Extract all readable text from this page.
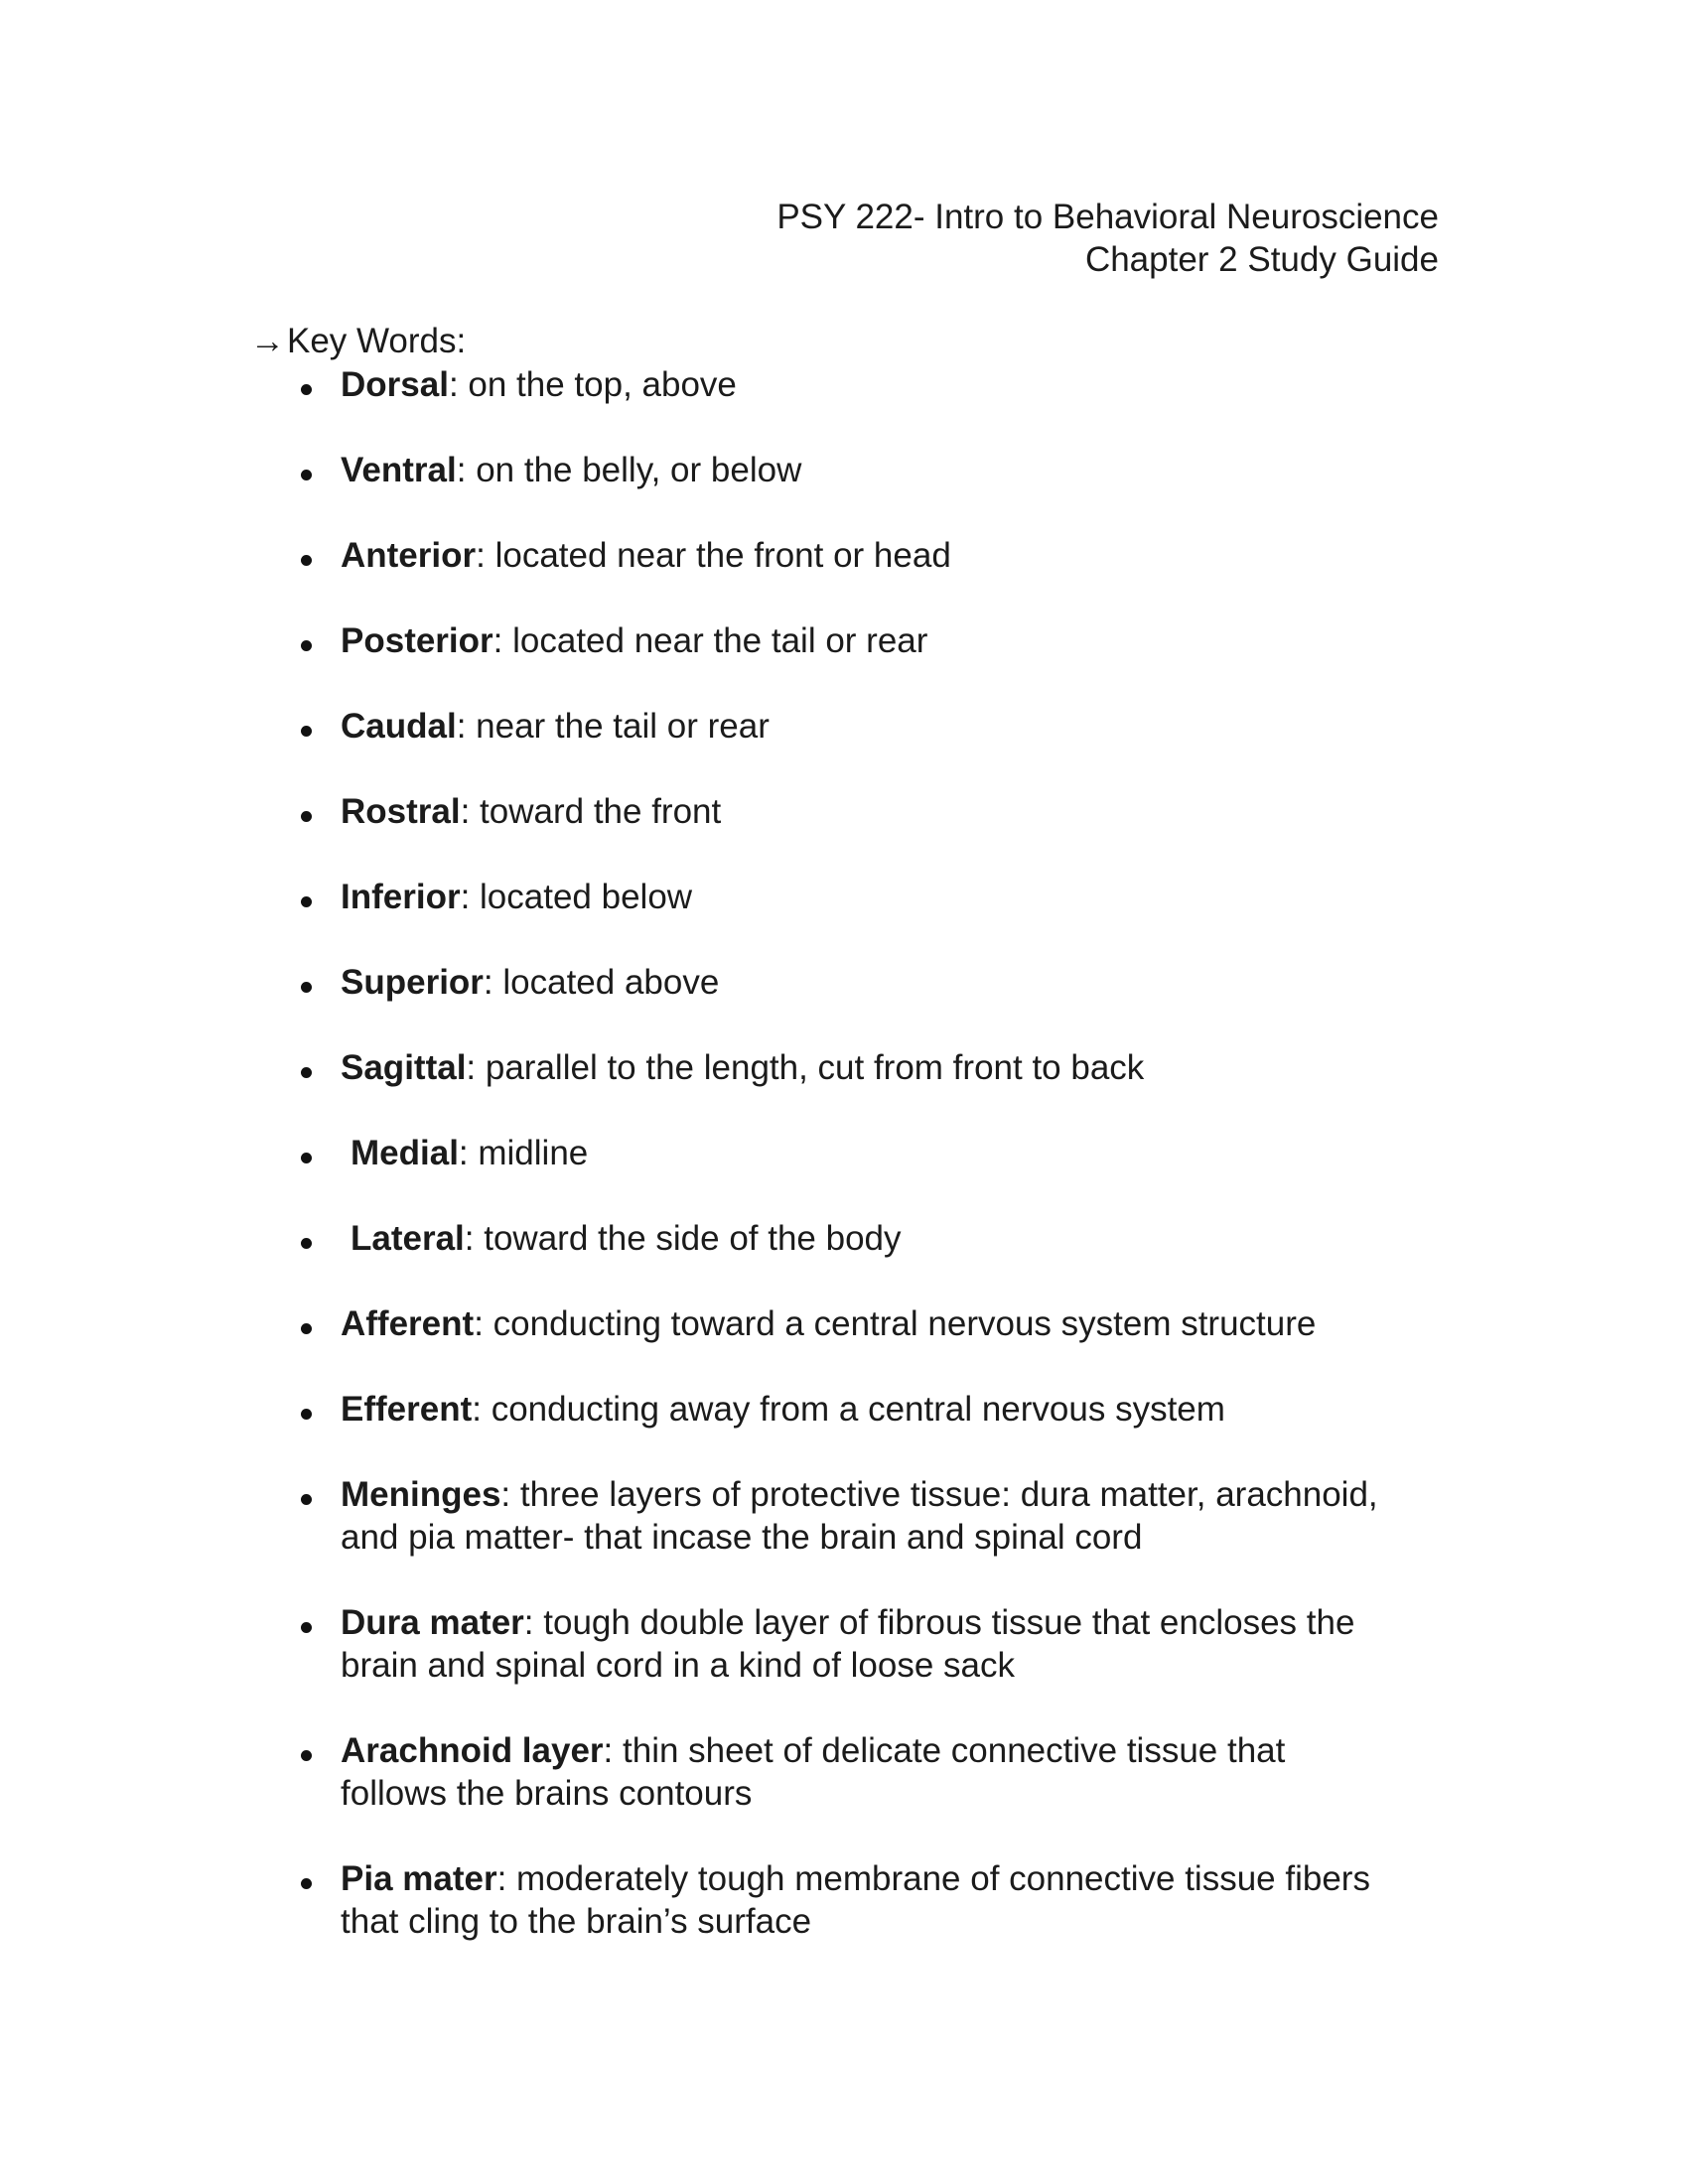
PSY 222- Intro to Behavioral Neuroscience
Chapter 2 Study Guide
→Key Words:
Dorsal: on the top, above
Ventral: on the belly, or below
Anterior: located near the front or head
Posterior: located near the tail or rear
Caudal: near the tail or rear
Rostral: toward the front
Inferior: located below
Superior: located above
Sagittal: parallel to the length, cut from front to back
Medial: midline
Lateral: toward the side of the body
Afferent: conducting toward a central nervous system structure
Efferent: conducting away from a central nervous system
Meninges: three layers of protective tissue: dura matter, arachnoid,
and pia matter- that incase the brain and spinal cord
Dura mater: tough double layer of fibrous tissue that encloses the
brain and spinal cord in a kind of loose sack
Arachnoid layer: thin sheet of delicate connective tissue that
follows the brains contours
Pia mater: moderately tough membrane of connective tissue fibers
that cling to the brain’s surface
